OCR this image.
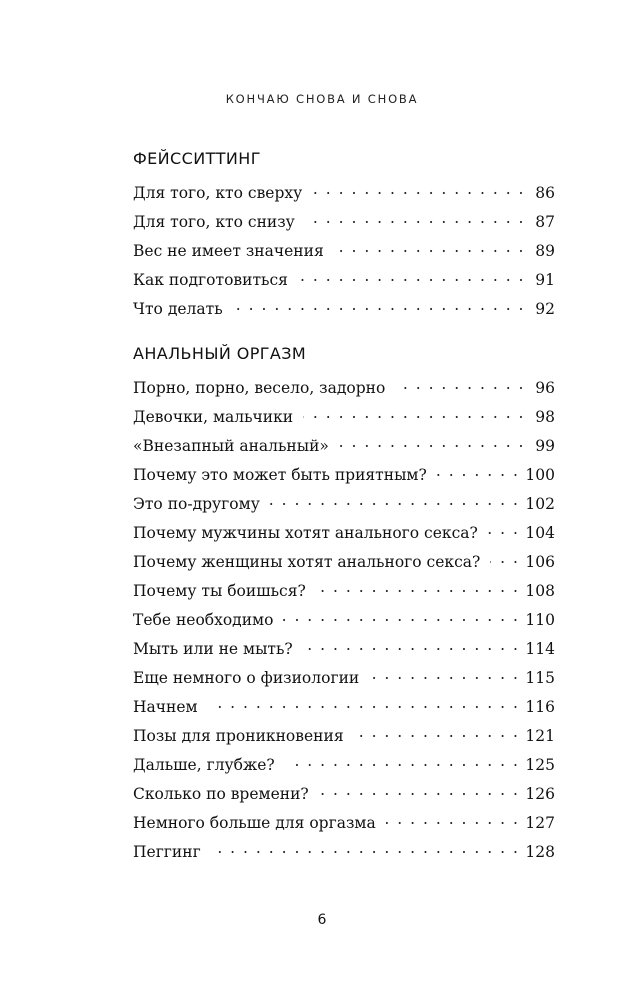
КОНЧАЮ СНОВА И СНОВА
ФЕЙССИТТИНГ
Для того, кто сверху . . .	86
Для того, кто снизу . . .	87
Вес не имеет значения . . .	89
Как подготовиться . . .	91
Что делать . . .	92
АНАЛЬНЫЙ ОРГАЗМ
Порно, порно, весело, задорно . . .	96
Девочки, мальчики . . .	98
«Внезапный анальный» . . .	99
Почему это может быть приятным? . . .	100
Это по-другому . . .	102
Почему мужчины хотят анального секса? . . .	104
Почему женщины хотят анального секса? . . .	106
Почему ты боишься? . . .	108
Тебе необходимо . . .	110
Мыть или не мыть? . . .	114
Еще немного о физиологии . . .	115
Начнем . . .	116
Позы для проникновения . . .	121
Дальше, глубже? . . .	125
Сколько по времени? . . .	126
Немного больше для оргазма . . .	127
Пеггинг . . .	128
6
